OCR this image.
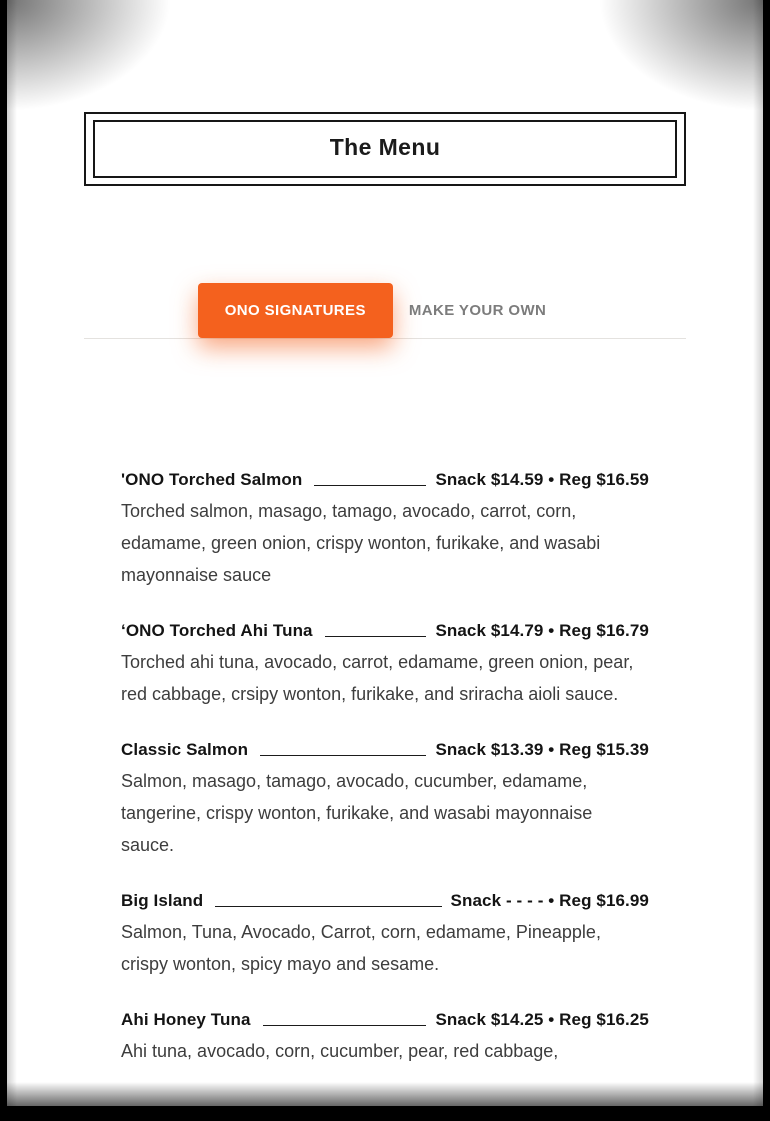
The Menu
ONO SIGNATURES	MAKE YOUR OWN
'ONO Torched Salmon	Snack $14.59 • Reg $16.59
Torched salmon, masago, tamago, avocado, carrot, corn, edamame, green onion, crispy wonton, furikake, and wasabi mayonnaise sauce
‘ONO Torched Ahi Tuna	Snack $14.79 • Reg $16.79
Torched ahi tuna, avocado, carrot, edamame, green onion, pear, red cabbage, crsipy wonton, furikake, and sriracha aioli sauce.
Classic Salmon	Snack $13.39 • Reg $15.39
Salmon, masago, tamago, avocado, cucumber, edamame, tangerine, crispy wonton, furikake, and wasabi mayonnaise sauce.
Big Island	Snack - - - - • Reg $16.99
Salmon, Tuna, Avocado, Carrot, corn, edamame, Pineapple, crispy wonton, spicy mayo and sesame.
Ahi Honey Tuna	Snack $14.25 • Reg $16.25
Ahi tuna, avocado, corn, cucumber, pear, red cabbage,
